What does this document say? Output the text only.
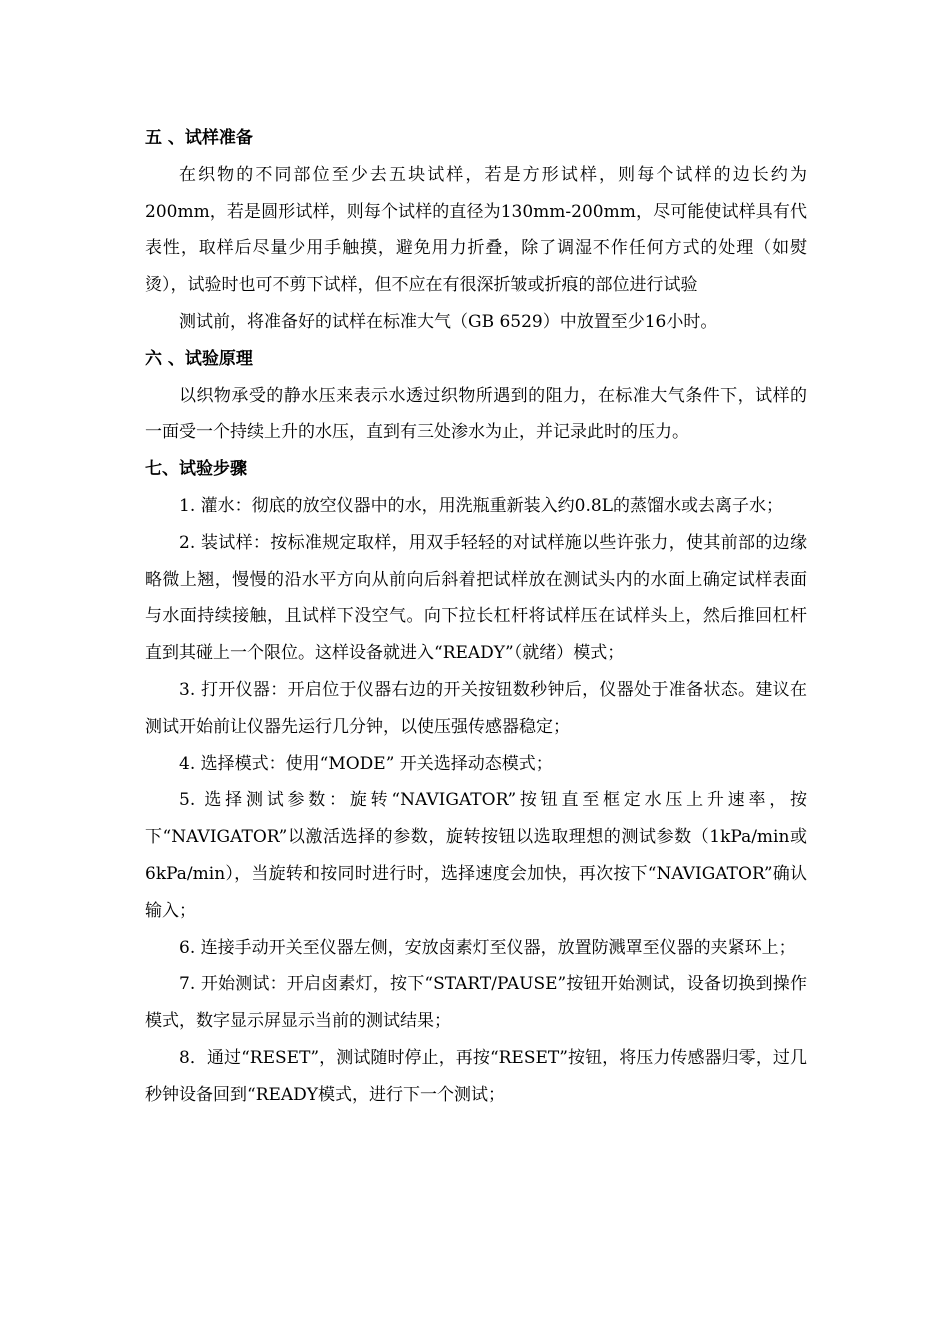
五 、试样准备

在织物的不同部位至少去五块试样，若是方形试样，则每个试样的边长约为200mm，若是圆形试样，则每个试样的直径为130mm-200mm，尽可能使试样具有代表性，取样后尽量少用手触摸，避免用力折叠，除了调湿不作任何方式的处理（如熨烫），试验时也可不剪下试样，但不应在有很深折皱或折痕的部位进行试验

测试前，将准备好的试样在标准大气（GB 6529）中放置至少16小时。

六 、试验原理

以织物承受的静水压来表示水透过织物所遇到的阻力，在标准大气条件下，试样的一面受一个持续上升的水压，直到有三处渗水为止，并记录此时的压力。

七、试验步骤

1. 灌水：彻底的放空仪器中的水，用洗瓶重新装入约0.8L的蒸馏水或去离子水；

2. 装试样：按标准规定取样，用双手轻轻的对试样施以些许张力，使其前部的边缘略微上翘，慢慢的沿水平方向从前向后斜着把试样放在测试头内的水面上确定试样表面与水面持续接触，且试样下没空气。向下拉长杠杆将试样压在试样头上，然后推回杠杆直到其碰上一个限位。这样设备就进入“READY”（就绪）模式；

3. 打开仪器：开启位于仪器右边的开关按钮数秒钟后，仪器处于准备状态。建议在测试开始前让仪器先运行几分钟，以使压强传感器稳定；

4. 选择模式：使用“MODE” 开关选择动态模式；

5. 选择测试参数：旋转“NAVIGATOR”按钮直至框定水压上升速率，按下“NAVIGATOR”以激活选择的参数，旋转按钮以选取理想的测试参数（1kPa/min或6kPa/min），当旋转和按同时进行时，选择速度会加快，再次按下“NAVIGATOR”确认输入；

6. 连接手动开关至仪器左侧，安放卤素灯至仪器，放置防溅罩至仪器的夹紧环上；

7. 开始测试：开启卤素灯，按下“START/PAUSE”按钮开始测试，设备切换到操作模式，数字显示屏显示当前的测试结果；

8．通过“RESET”，测试随时停止，再按“RESET”按钮，将压力传感器归零，过几秒钟设备回到“READY模式，进行下一个测试；
